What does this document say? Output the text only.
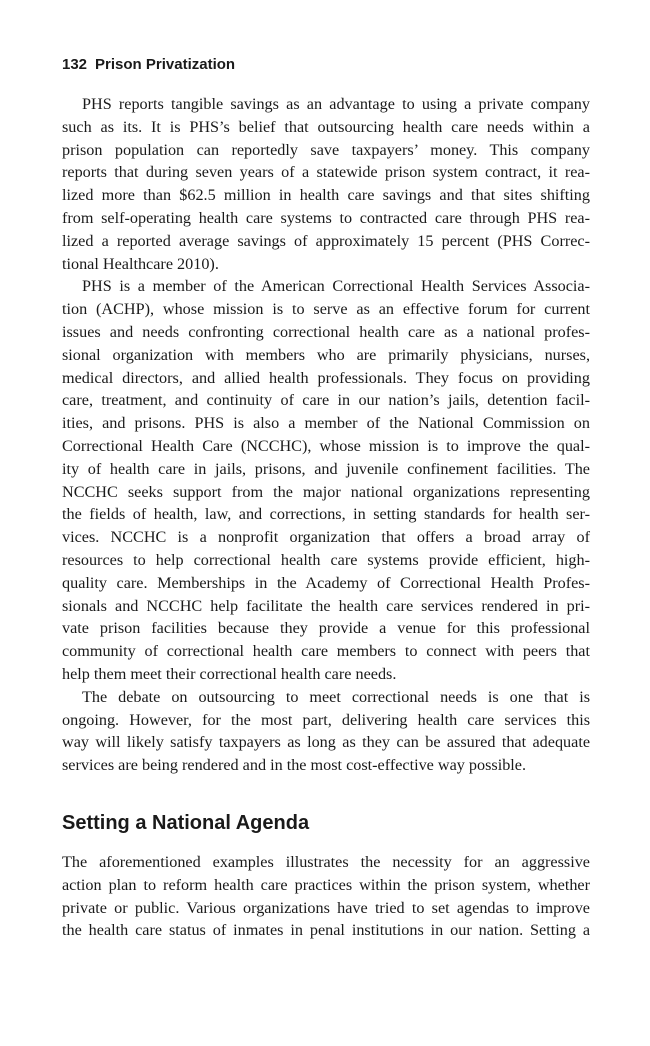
132 Prison Privatization
PHS reports tangible savings as an advantage to using a private company
such as its. It is PHS’s belief that outsourcing health care needs within a
prison population can reportedly save taxpayers’ money. This company
reports that during seven years of a statewide prison system contract, it rea-
lized more than $62.5 million in health care savings and that sites shifting
from self-operating health care systems to contracted care through PHS rea-
lized a reported average savings of approximately 15 percent (PHS Correc-
tional Healthcare 2010).
PHS is a member of the American Correctional Health Services Associa-
tion (ACHP), whose mission is to serve as an effective forum for current
issues and needs confronting correctional health care as a national profes-
sional organization with members who are primarily physicians, nurses,
medical directors, and allied health professionals. They focus on providing
care, treatment, and continuity of care in our nation’s jails, detention facil-
ities, and prisons. PHS is also a member of the National Commission on
Correctional Health Care (NCCHC), whose mission is to improve the qual-
ity of health care in jails, prisons, and juvenile confinement facilities. The
NCCHC seeks support from the major national organizations representing
the fields of health, law, and corrections, in setting standards for health ser-
vices. NCCHC is a nonprofit organization that offers a broad array of
resources to help correctional health care systems provide efficient, high-
quality care. Memberships in the Academy of Correctional Health Profes-
sionals and NCCHC help facilitate the health care services rendered in pri-
vate prison facilities because they provide a venue for this professional
community of correctional health care members to connect with peers that
help them meet their correctional health care needs.
The debate on outsourcing to meet correctional needs is one that is
ongoing. However, for the most part, delivering health care services this
way will likely satisfy taxpayers as long as they can be assured that adequate
services are being rendered and in the most cost-effective way possible.
Setting a National Agenda
The aforementioned examples illustrates the necessity for an aggressive
action plan to reform health care practices within the prison system, whether
private or public. Various organizations have tried to set agendas to improve
the health care status of inmates in penal institutions in our nation. Setting a
